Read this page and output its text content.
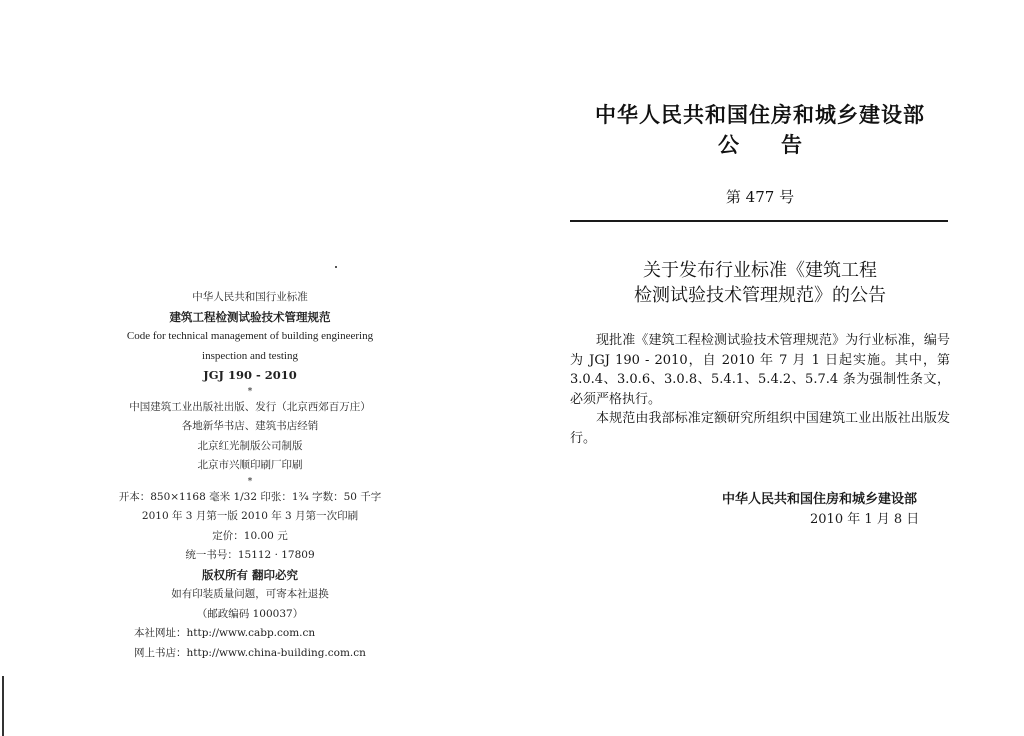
中华人民共和国行业标准
建筑工程检测试验技术管理规范
Code for technical management of building engineering
inspection and testing
JGJ 190 - 2010
*
中国建筑工业出版社出版、发行（北京西郊百万庄）
各地新华书店、建筑书店经销
北京红光制版公司制版
北京市兴顺印刷厂印刷
*
开本：850×1168 毫米 1/32 印张：1¾ 字数：50 千字
2010 年 3 月第一版 2010 年 3 月第一次印刷
定价：10.00 元
统一书号：15112 · 17809
版权所有 翻印必究
如有印装质量问题，可寄本社退换
（邮政编码 100037）
本社网址：http://www.cabp.com.cn
网上书店：http://www.china-building.com.cn
中华人民共和国住房和城乡建设部
公告
第 477 号
关于发布行业标准《建筑工程
检测试验技术管理规范》的公告

现批准《建筑工程检测试验技术管理规范》为行业标准，编号为 JGJ 190 - 2010，自 2010 年 7 月 1 日起实施。其中，第 3.0.4、3.0.6、3.0.8、5.4.1、5.4.2、5.7.4 条为强制性条文，必须严格执行。

本规范由我部标准定额研究所组织中国建筑工业出版社出版发行。

中华人民共和国住房和城乡建设部
2010 年 1 月 8 日
